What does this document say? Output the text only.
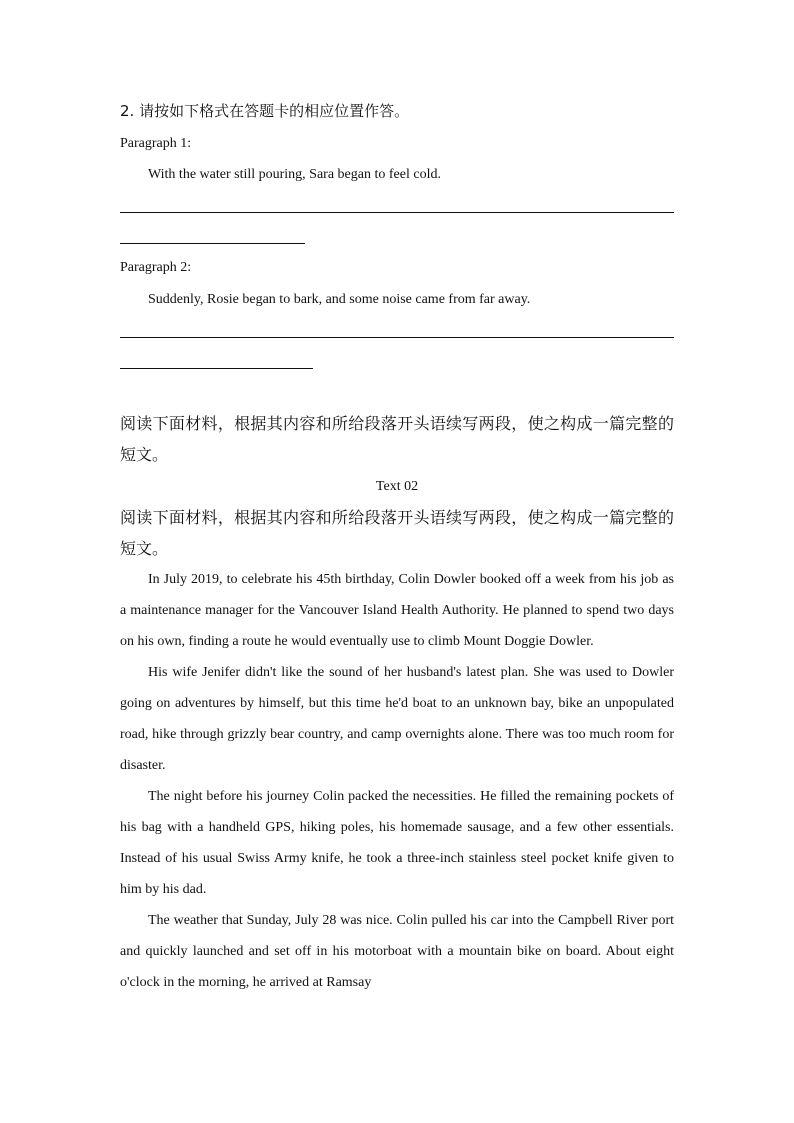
2. 请按如下格式在答题卡的相应位置作答。
Paragraph 1:
With the water still pouring, Sara began to feel cold.
Paragraph 2:
Suddenly, Rosie began to bark, and some noise came from far away.
阅读下面材料，根据其内容和所给段落开头语续写两段，使之构成一篇完整的短文。
Text 02
阅读下面材料，根据其内容和所给段落开头语续写两段，使之构成一篇完整的短文。
In July 2019, to celebrate his 45th birthday, Colin Dowler booked off a week from his job as a maintenance manager for the Vancouver Island Health Authority. He planned to spend two days on his own, finding a route he would eventually use to climb Mount Doggie Dowler.
His wife Jenifer didn't like the sound of her husband's latest plan. She was used to Dowler going on adventures by himself, but this time he'd boat to an unknown bay, bike an unpopulated road, hike through grizzly bear country, and camp overnights alone. There was too much room for disaster.
The night before his journey Colin packed the necessities. He filled the remaining pockets of his bag with a handheld GPS, hiking poles, his homemade sausage, and a few other essentials. Instead of his usual Swiss Army knife, he took a three-inch stainless steel pocket knife given to him by his dad.
The weather that Sunday, July 28 was nice. Colin pulled his car into the Campbell River port and quickly launched and set off in his motorboat with a mountain bike on board. About eight o'clock in the morning, he arrived at Ramsay
